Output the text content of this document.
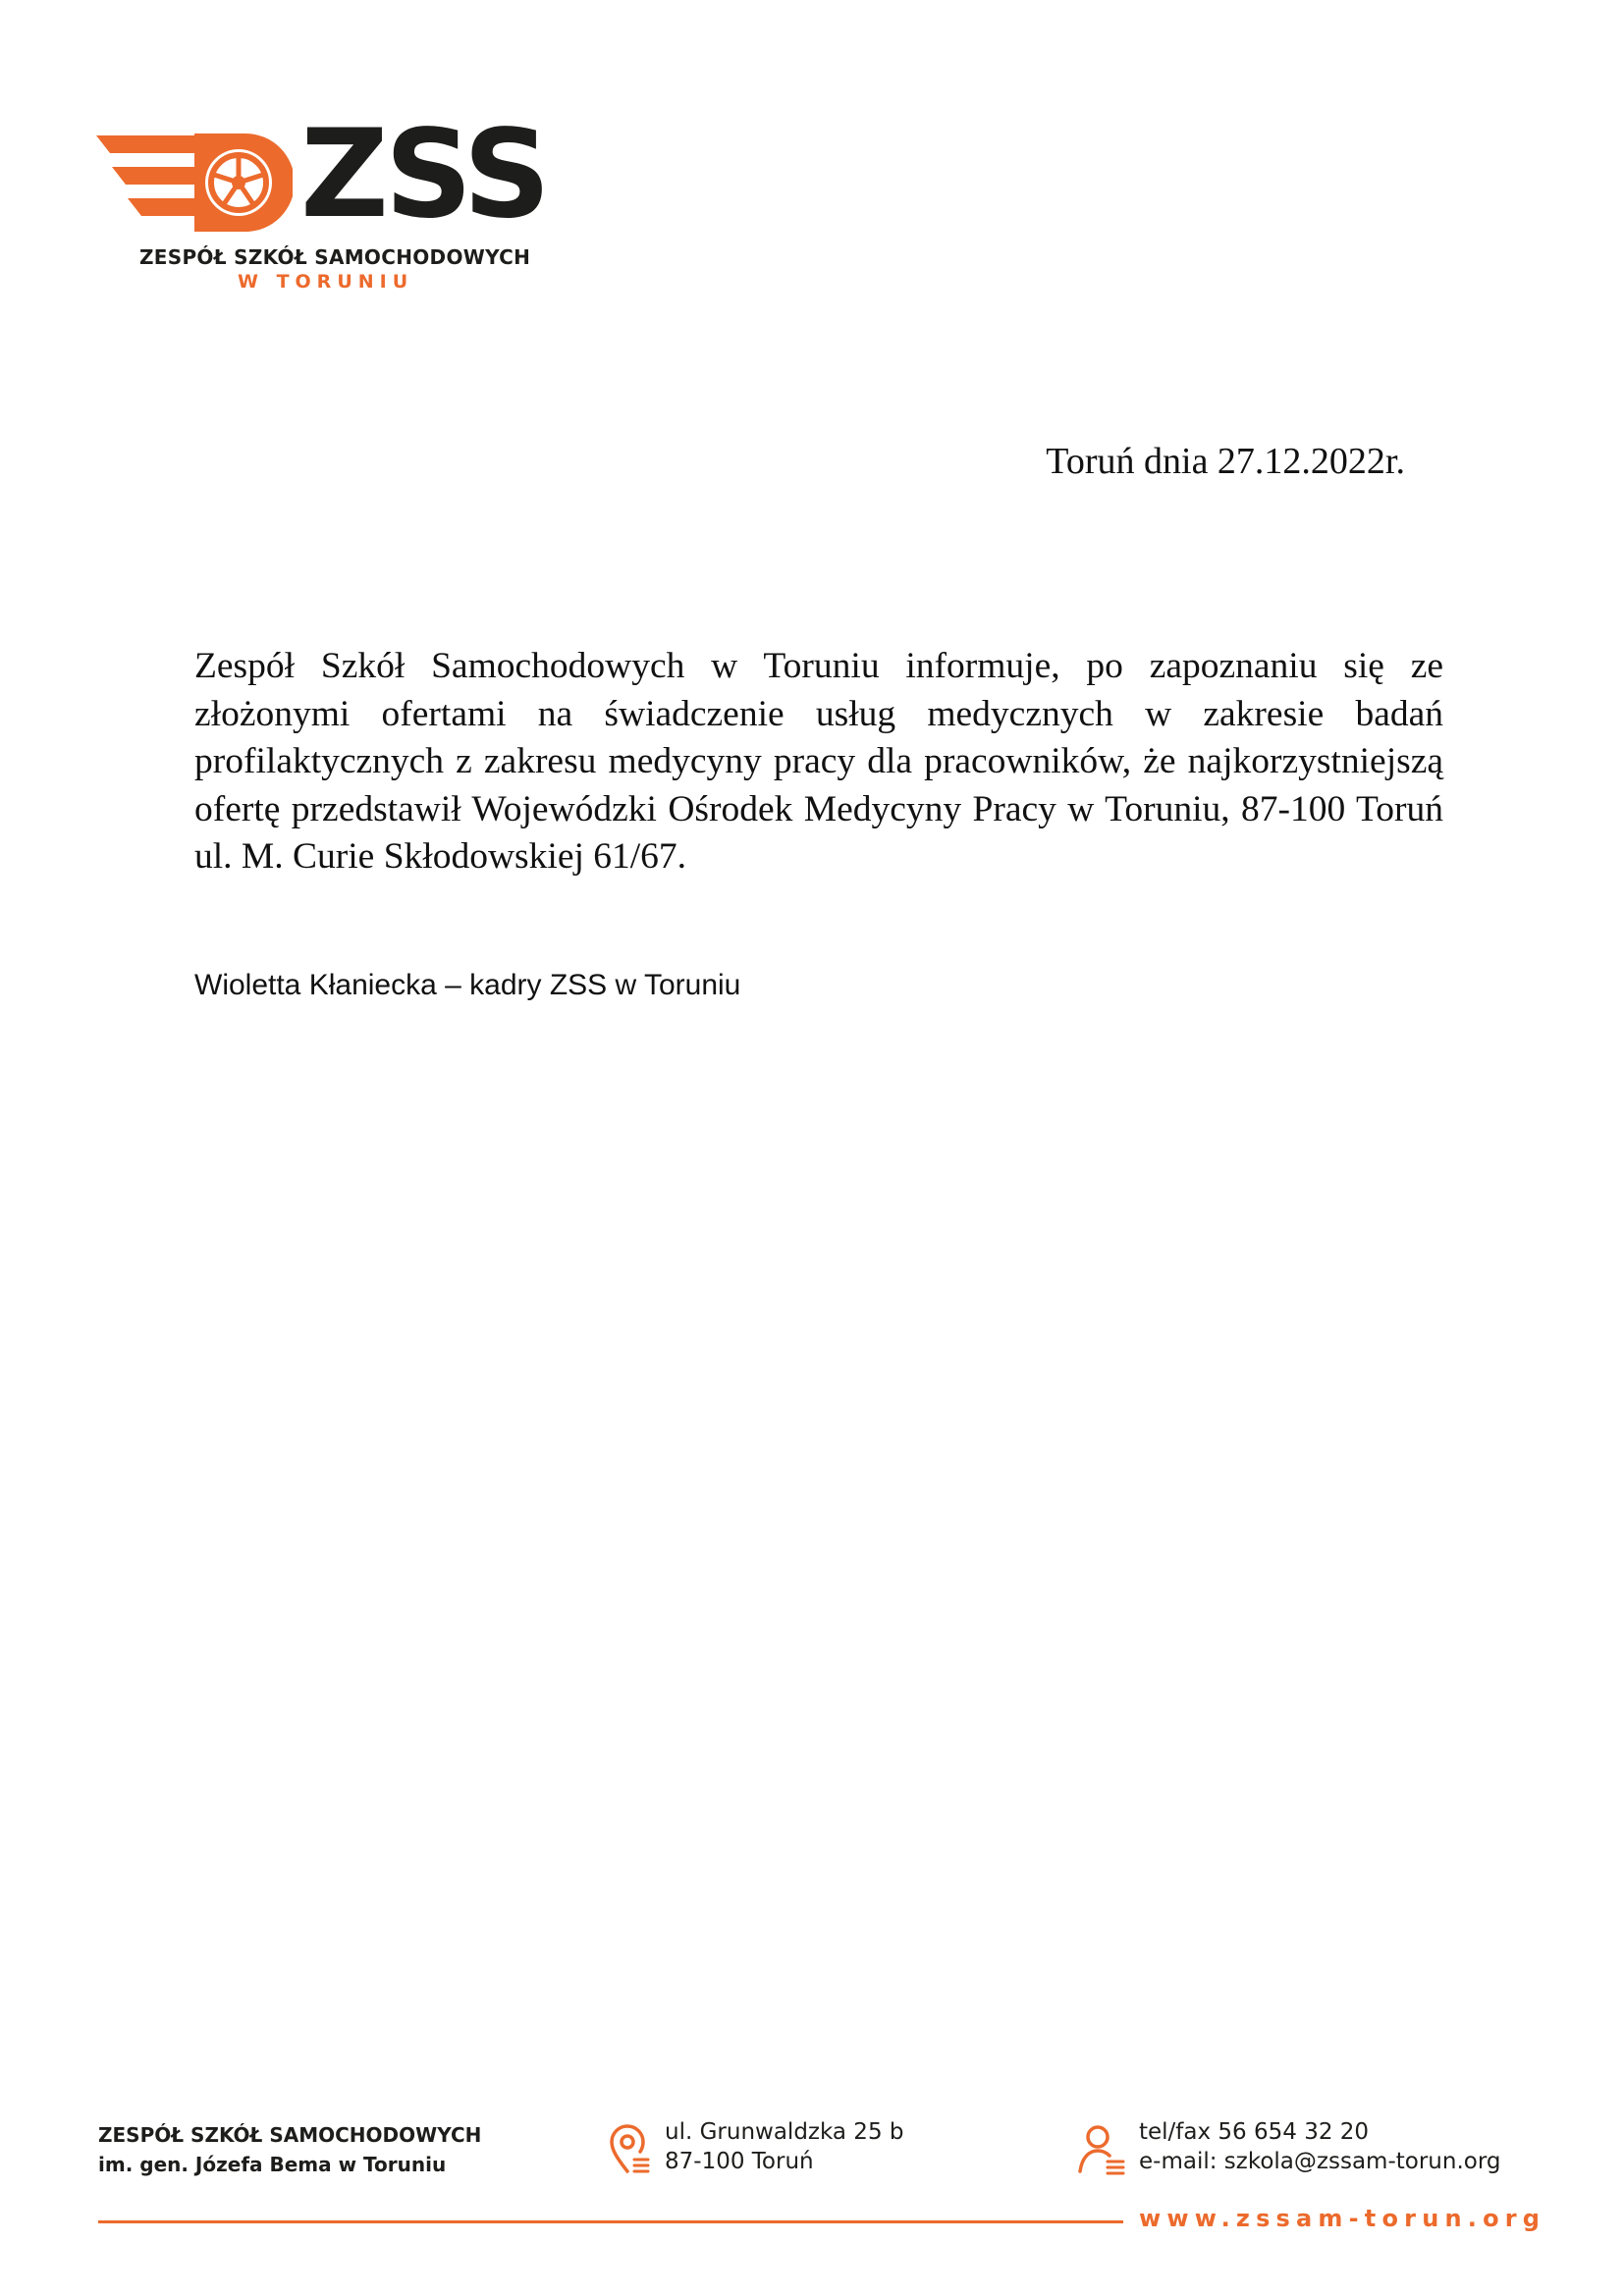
ZSS
ZESPÓŁ SZKÓŁ SAMOCHODOWYCH
W TORUNIU
Toruń dnia 27.12.2022r.
Zespół Szkół Samochodowych w Toruniu informuje, po zapoznaniu się ze złożonymi ofertami na świadczenie usług medycznych w zakresie badań profilaktycznych z zakresu medycyny pracy dla pracowników, że najkorzystniejszą ofertę przedstawił Wojewódzki Ośrodek Medycyny Pracy w Toruniu, 87-100 Toruń ul. M. Curie Skłodowskiej 61/67.
Wioletta Kłaniecka – kadry ZSS w Toruniu
ZESPÓŁ SZKÓŁ SAMOCHODOWYCH
im. gen. Józefa Bema w Toruniu
ul. Grunwaldzka 25 b
87-100 Toruń
tel/fax 56 654 32 20
e-mail: szkola@zssam-torun.org
www.zssam-torun.org
